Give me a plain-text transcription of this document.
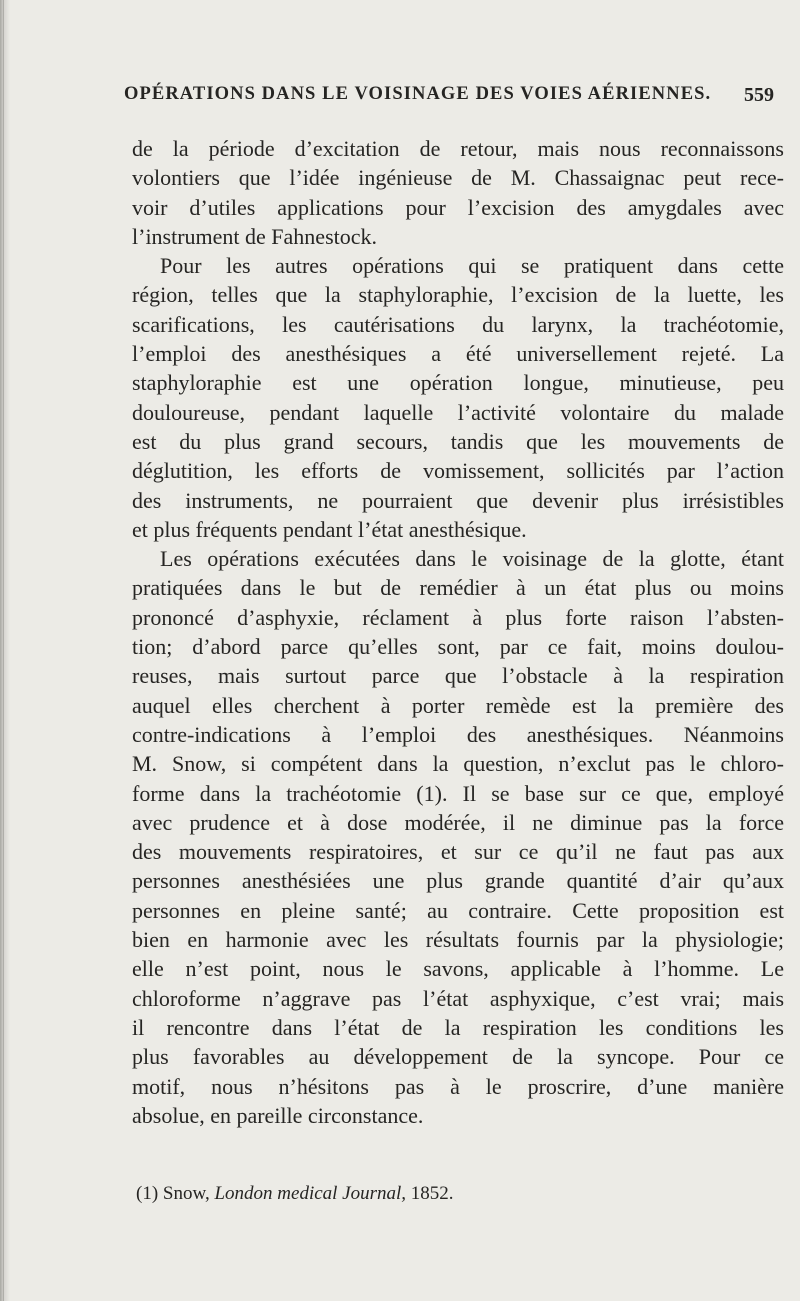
OPÉRATIONS DANS LE VOISINAGE DES VOIES AÉRIENNES. 559
de la période d’excitation de retour, mais nous reconnaissons
volontiers que l’idée ingénieuse de M. Chassaignac peut rece-
voir d’utiles applications pour l’excision des amygdales avec
l’instrument de Fahnestock.
Pour les autres opérations qui se pratiquent dans cette
région, telles que la staphyloraphie, l’excision de la luette, les
scarifications, les cautérisations du larynx, la trachéotomie,
l’emploi des anesthésiques a été universellement rejeté. La
staphyloraphie est une opération longue, minutieuse, peu
douloureuse, pendant laquelle l’activité volontaire du malade
est du plus grand secours, tandis que les mouvements de
déglutition, les efforts de vomissement, sollicités par l’action
des instruments, ne pourraient que devenir plus irrésistibles
et plus fréquents pendant l’état anesthésique.
Les opérations exécutées dans le voisinage de la glotte, étant
pratiquées dans le but de remédier à un état plus ou moins
prononcé d’asphyxie, réclament à plus forte raison l’absten-
tion; d’abord parce qu’elles sont, par ce fait, moins doulou-
reuses, mais surtout parce que l’obstacle à la respiration
auquel elles cherchent à porter remède est la première des
contre-indications à l’emploi des anesthésiques. Néanmoins
M. Snow, si compétent dans la question, n’exclut pas le chloro-
forme dans la trachéotomie (1). Il se base sur ce que, employé
avec prudence et à dose modérée, il ne diminue pas la force
des mouvements respiratoires, et sur ce qu’il ne faut pas aux
personnes anesthésiées une plus grande quantité d’air qu’aux
personnes en pleine santé; au contraire. Cette proposition est
bien en harmonie avec les résultats fournis par la physiologie;
elle n’est point, nous le savons, applicable à l’homme. Le
chloroforme n’aggrave pas l’état asphyxique, c’est vrai; mais
il rencontre dans l’état de la respiration les conditions les
plus favorables au développement de la syncope. Pour ce
motif, nous n’hésitons pas à le proscrire, d’une manière
absolue, en pareille circonstance.
(1) Snow, London medical Journal, 1852.
